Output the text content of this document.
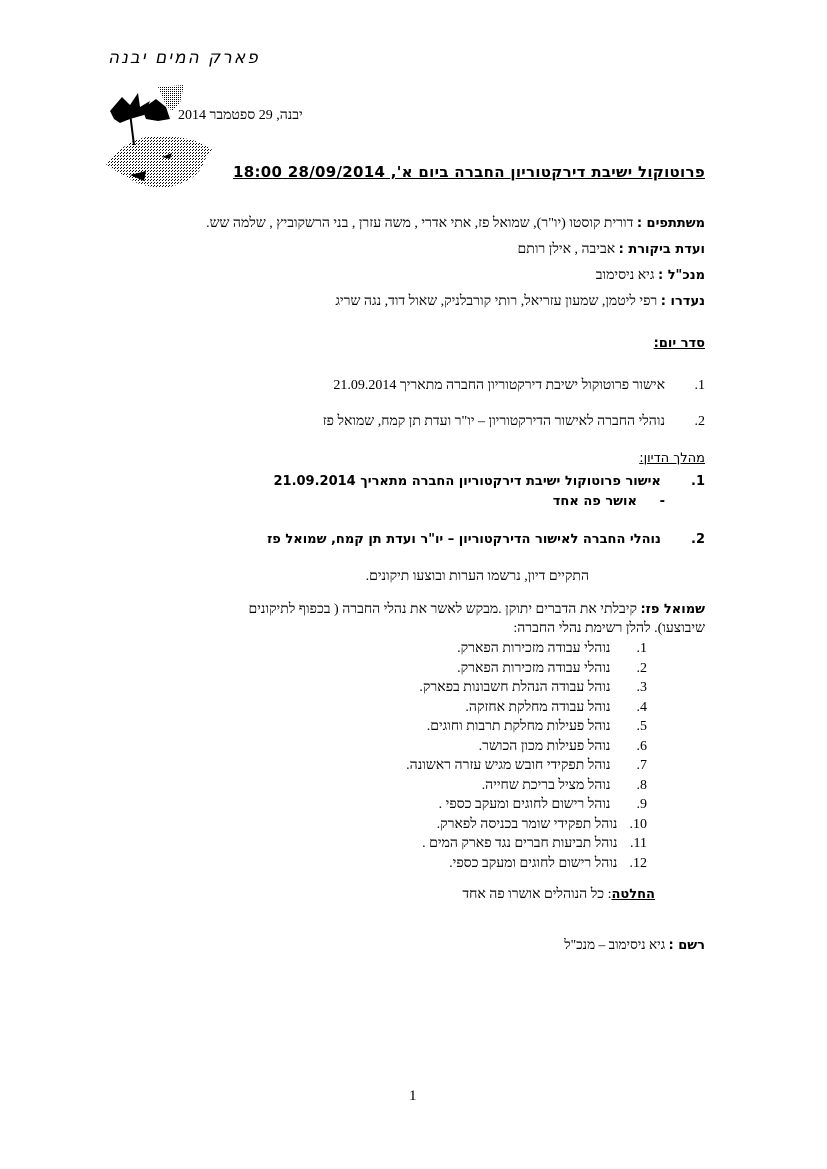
פארק המים יבנה
יבנה, 29 ספטמבר 2014
פרוטוקול ישיבת דירקטוריון החברה ביום א', 28/09/2014 18:00
משתתפים : דורית קוסטו (יו"ר), שמואל פז, אתי אדרי , משה עזרן , בני הרשקוביץ , שלמה שש.
ועדת ביקורת : אביבה , אילן רותם
מנכ"ל : גיא ניסימוב
נעדרו : רפי ליטמן, שמעון עזריאל, רותי קורבלניק, שאול דוד, נגה שריג
סדר יום:
1.    אישור פרוטוקול ישיבת דירקטוריון החברה מתאריך 21.09.2014
2.    נוהלי החברה לאישור הדירקטוריון – יו"ר ועדת תן קמח, שמואל פז
מהלך הדיון:
1.    אישור פרוטוקול ישיבת דירקטוריון החברה מתאריך 21.09.2014
-     אושר פה אחד
2.    נוהלי החברה לאישור הדירקטוריון – יו"ר ועדת תן קמח, שמואל פז
התקיים דיון, נרשמו הערות ובוצעו תיקונים.
שמואל פז: קיבלתי את הדברים יתוקן .מבקש לאשר את נהלי החברה ( בכפוף לתיקונים
שיבוצעו). להלן רשימת נהלי החברה:
1.   נוהלי עבודה מזכירות הפארק.
2.   נוהלי עבודה מזכירות הפארק.
3.   נוהל עבודה הנהלת חשבונות בפארק.
4.   נוהל עבודה מחלקת אחזקה.
5.   נוהל פעילות מחלקת תרבות וחוגים.
6.   נוהל פעילות מכון הכושר.
7.   נוהל תפקידי חובש מגיש עזרה ראשונה.
8.   נוהל מציל בריכת שחייה.
9.   נוהל רישום לחוגים ומעקב כספי .
10. נוהל תפקידי שומר בכניסה לפארק.
11. נוהל תביעות חברים נגד פארק המים .
12. נוהל רישום לחוגים ומעקב כספי.
החלטה: כל הנוהלים אושרו פה אחד
רשם : גיא ניסימוב – מנכ"ל
1
